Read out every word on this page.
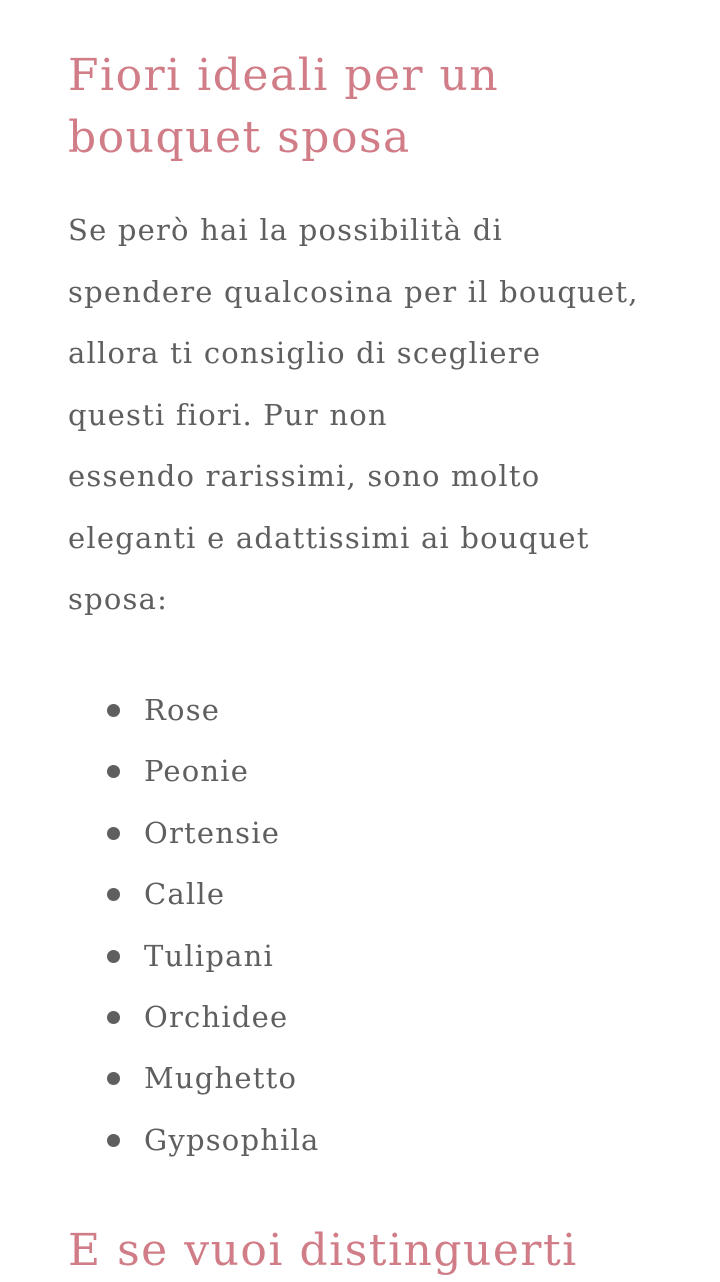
Fiori ideali per un
bouquet sposa

Se però hai la possibilità di
spendere qualcosina per il bouquet,
allora ti consiglio di scegliere
questi fiori. Pur non
essendo rarissimi, sono molto
eleganti e adattissimi ai bouquet
sposa:

Rose
Peonie
Ortensie
Calle
Tulipani
Orchidee
Mughetto
Gypsophila
E se vuoi distinguerti
